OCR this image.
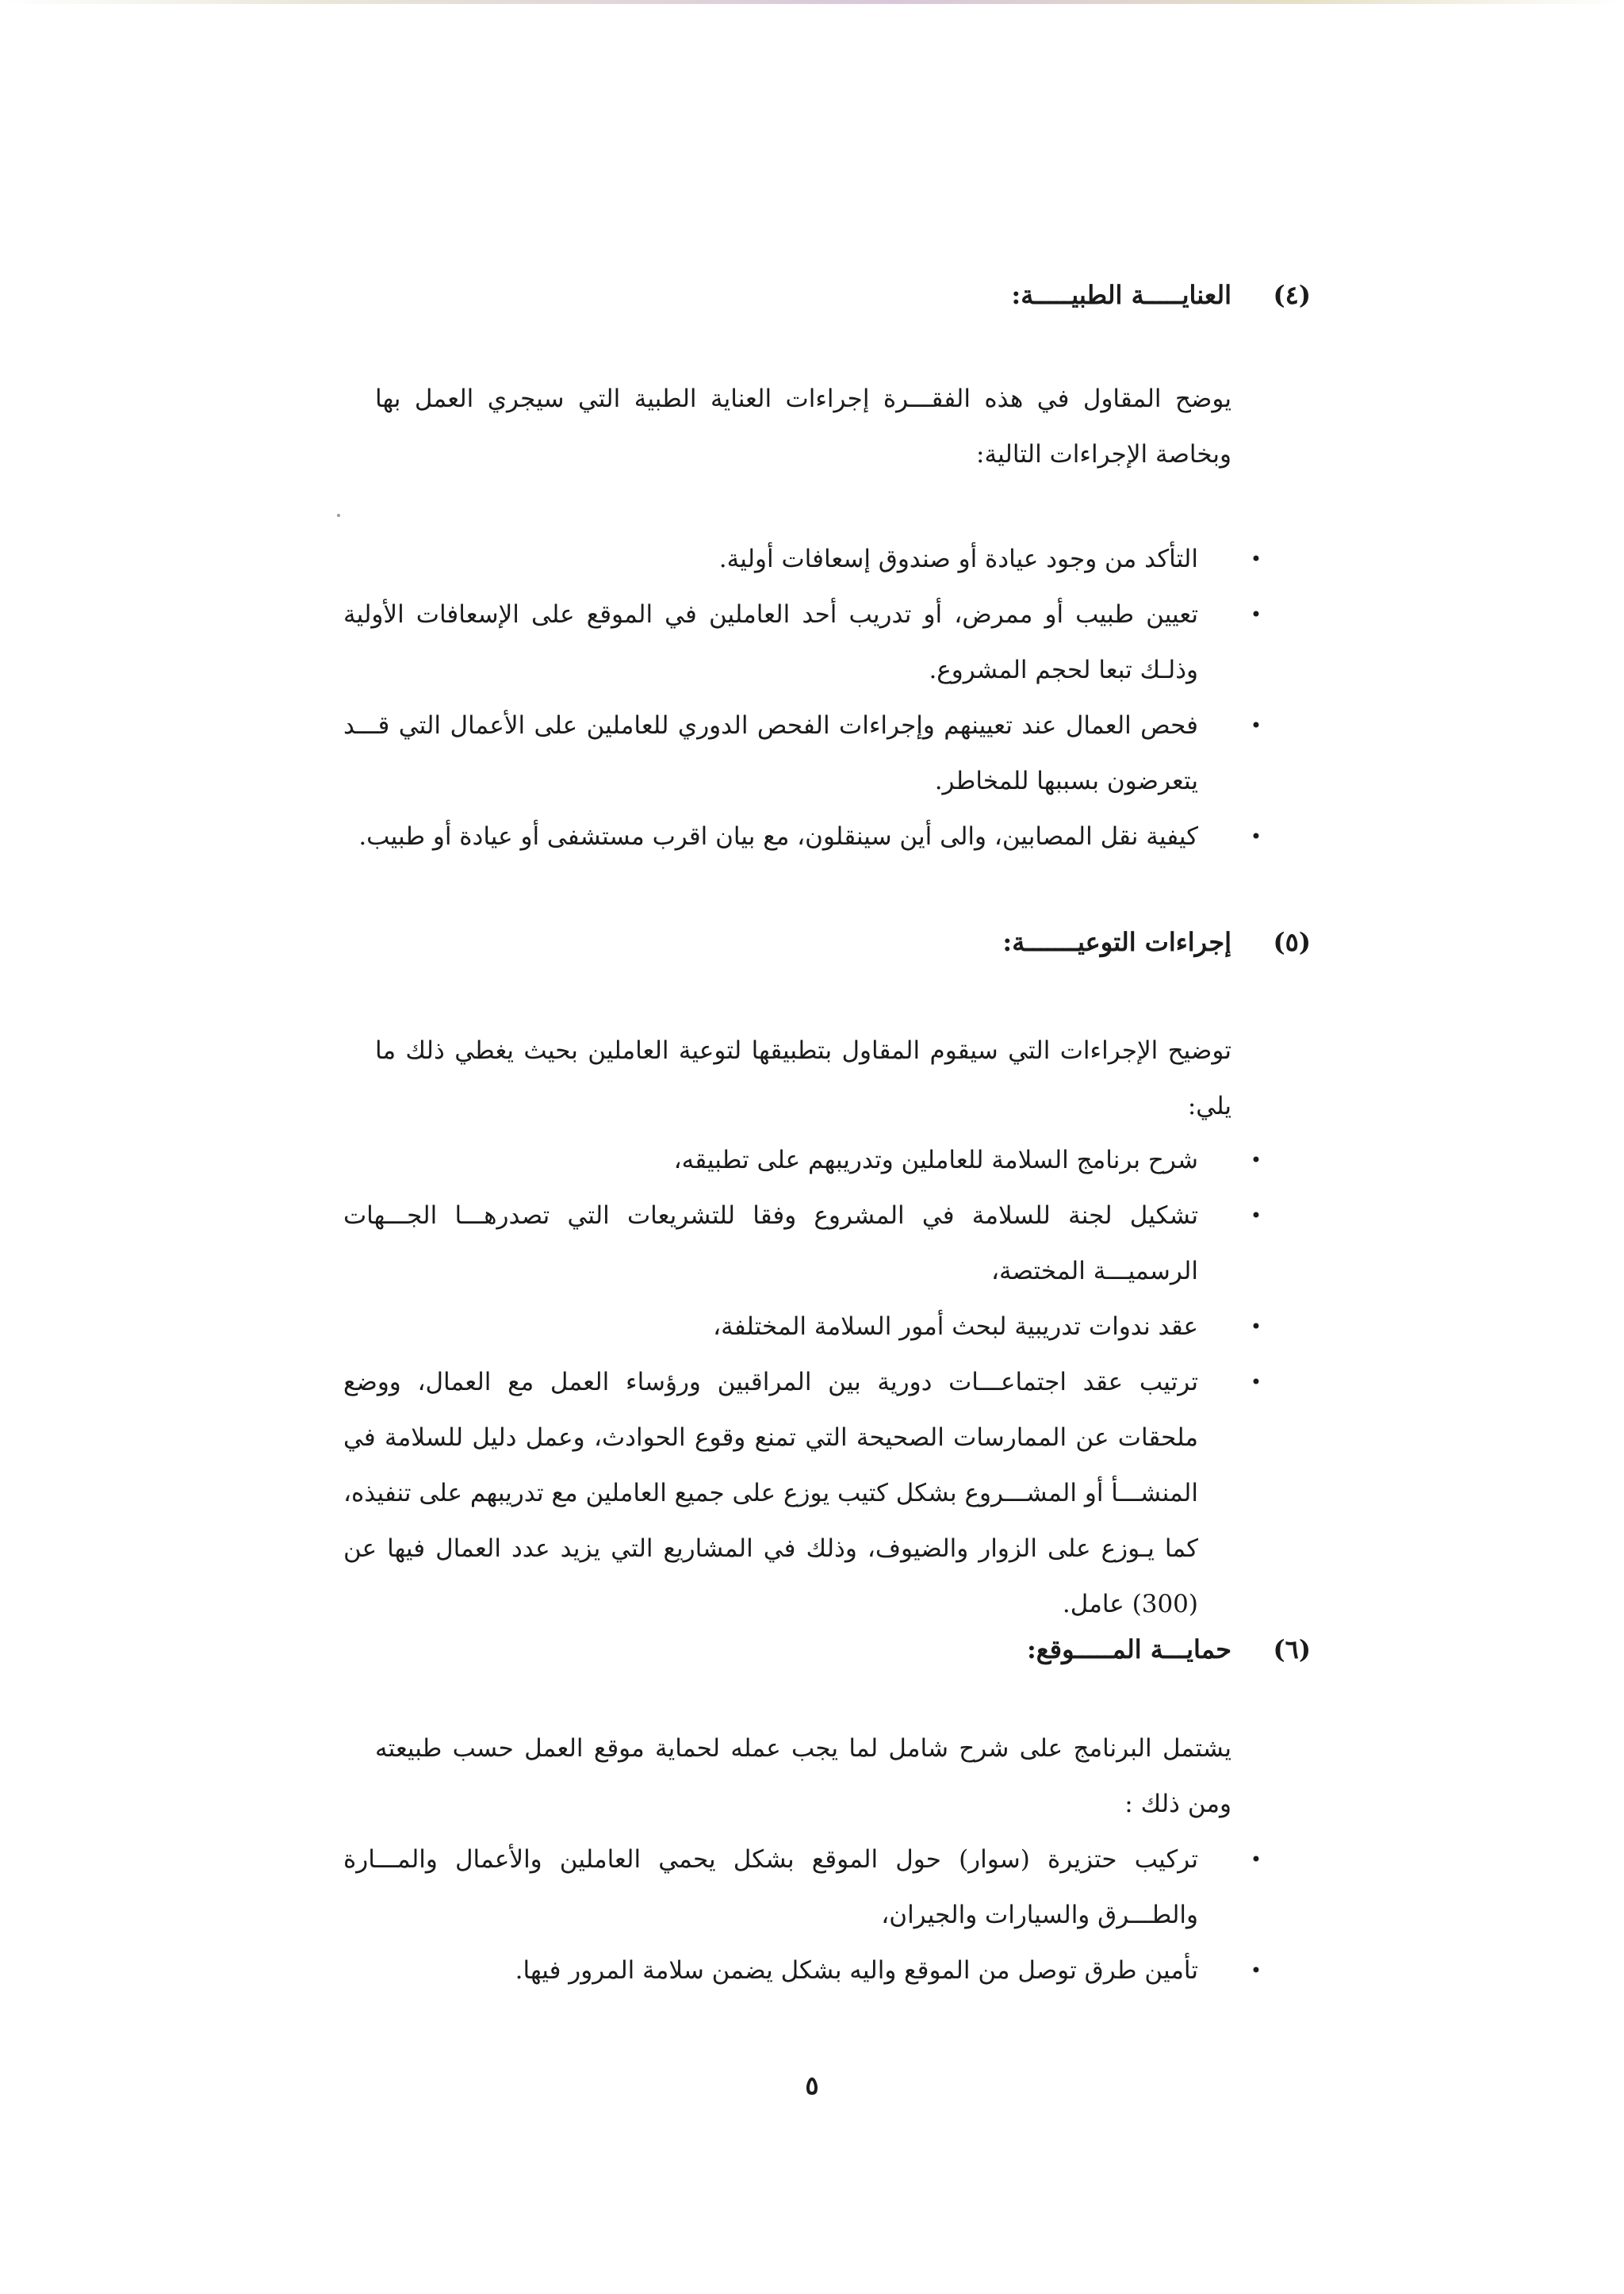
(٤)
العنايـــــة الطبيـــــة:

يوضح المقاول في هذه الفقـــرة إجراءات العناية الطبية التي سيجري العمل بها وبخاصة الإجراءات التالية:

•
التأكد من وجود عيادة أو صندوق إسعافات أولية.
•
تعيين طبيب أو ممرض، أو تدريب أحد العاملين في الموقع على الإسعافات الأولية وذلـك تبعا لحجم المشروع.
•
فحص العمال عند تعيينهم وإجراءات الفحص الدوري للعاملين على الأعمال التي قـــد يتعرضون بسببها للمخاطر.
•
كيفية نقل المصابين، والى أين سينقلون، مع بيان اقرب مستشفى أو عيادة أو طبيب.
(٥)
إجراءات التوعيـــــــة:

توضيح الإجراءات التي سيقوم المقاول بتطبيقها لتوعية العاملين بحيث يغطي ذلك ما يلي:

•
شرح برنامج السلامة للعاملين وتدريبهم على تطبيقه،
•
تشكيل لجنة للسلامة في المشروع وفقا للتشريعات التي تصدرهـــا الجـــهات الرسميـــة المختصة،
•
عقد ندوات تدريبية لبحث أمور السلامة المختلفة،
•
ترتيب عقد اجتماعـــات دورية بين المراقبين ورؤساء العمل مع العمال، ووضع ملحقات عن الممارسات الصحيحة التي تمنع وقوع الحوادث، وعمل دليل للسلامة في المنشـــأ أو المشـــروع بشكل كتيب يوزع على جميع العاملين مع تدريبهم على تنفيذه، كما يـوزع على الزوار والضيوف، وذلك في المشاريع التي يزيد عدد العمال فيها عن (300) عامل.
(٦)
حمايـــة المـــــوقع:

يشتمل البرنامج على شرح شامل لما يجب عمله لحماية موقع العمل حسب طبيعته ومن ذلك :

•
تركيب حتزيرة (سوار) حول الموقع بشكل يحمي العاملين والأعمال والمـــارة والطـــرق والسيارات والجيران،
•
تأمين طرق توصل من الموقع واليه بشكل يضمن سلامة المرور فيها.
٥
